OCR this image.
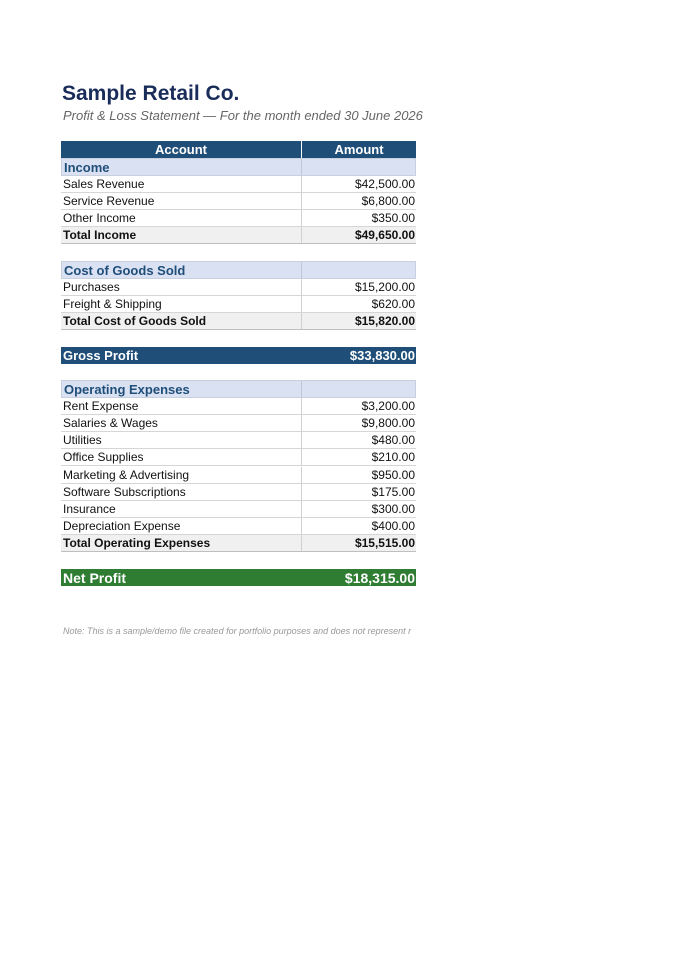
Sample Retail Co.
Profit & Loss Statement — For the month ended 30 June 2026
Account	Amount
Income
Sales Revenue	$42,500.00
Service Revenue	$6,800.00
Other Income	$350.00
Total Income	$49,650.00
Cost of Goods Sold
Purchases	$15,200.00
Freight & Shipping	$620.00
Total Cost of Goods Sold	$15,820.00
Gross Profit	$33,830.00
Operating Expenses
Rent Expense	$3,200.00
Salaries & Wages	$9,800.00
Utilities	$480.00
Office Supplies	$210.00
Marketing & Advertising	$950.00
Software Subscriptions	$175.00
Insurance	$300.00
Depreciation Expense	$400.00
Total Operating Expenses	$15,515.00
Net Profit	$18,315.00
Note: This is a sample/demo file created for portfolio purposes and does not represent r
